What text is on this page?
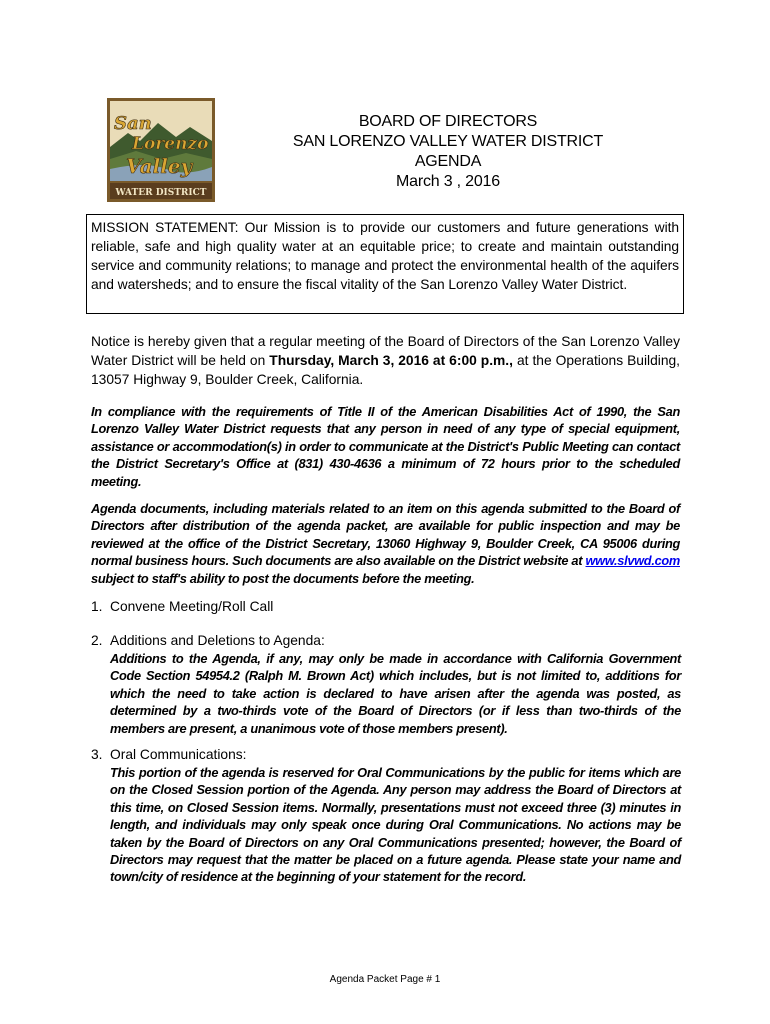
San
Lorenzo
Valley
WATER DISTRICT
BOARD OF DIRECTORS
SAN LORENZO VALLEY WATER DISTRICT
AGENDA
March 3 , 2016
MISSION STATEMENT: Our Mission is to provide our customers and future generations with reliable, safe and high quality water at an equitable price; to create and maintain outstanding service and community relations; to manage and protect the environmental health of the aquifers and watersheds; and to ensure the fiscal vitality of the San Lorenzo Valley Water District.
Notice is hereby given that a regular meeting of the Board of Directors of the San Lorenzo Valley Water District will be held on Thursday, March 3, 2016 at 6:00 p.m., at the Operations Building, 13057 Highway 9, Boulder Creek, California.
In compliance with the requirements of Title II of the American Disabilities Act of 1990, the San Lorenzo Valley Water District requests that any person in need of any type of special equipment, assistance or accommodation(s) in order to communicate at the District's Public Meeting can contact the District Secretary's Office at (831) 430-4636 a minimum of 72 hours prior to the scheduled meeting.
Agenda documents, including materials related to an item on this agenda submitted to the Board of Directors after distribution of the agenda packet, are available for public inspection and may be reviewed at the office of the District Secretary, 13060 Highway 9, Boulder Creek, CA 95006 during normal business hours. Such documents are also available on the District website at www.slvwd.com subject to staff's ability to post the documents before the meeting.
1. Convene Meeting/Roll Call
2. Additions and Deletions to Agenda:
Additions to the Agenda, if any, may only be made in accordance with California Government Code Section 54954.2 (Ralph M. Brown Act) which includes, but is not limited to, additions for which the need to take action is declared to have arisen after the agenda was posted, as determined by a two-thirds vote of the Board of Directors (or if less than two-thirds of the members are present, a unanimous vote of those members present).
3. Oral Communications:
This portion of the agenda is reserved for Oral Communications by the public for items which are on the Closed Session portion of the Agenda. Any person may address the Board of Directors at this time, on Closed Session items. Normally, presentations must not exceed three (3) minutes in length, and individuals may only speak once during Oral Communications. No actions may be taken by the Board of Directors on any Oral Communications presented; however, the Board of Directors may request that the matter be placed on a future agenda. Please state your name and town/city of residence at the beginning of your statement for the record.
Agenda Packet Page # 1
